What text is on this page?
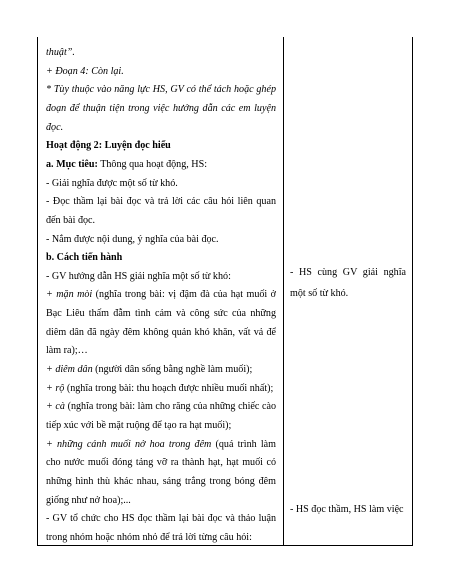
thuật”.
+ Đoạn 4: Còn lại.
* Tùy thuộc vào năng lực HS, GV có thể tách hoặc ghép
đoạn để thuận tiện trong việc hướng dẫn các em luyện
đọc.
Hoạt động 2: Luyện đọc hiểu
a. Mục tiêu: Thông qua hoạt động, HS:
- Giải nghĩa được một số từ khó.
- Đọc thầm lại bài đọc và trả lời các câu hỏi liên quan
đến bài đọc.
- Nắm được nội dung, ý nghĩa của bài đọc.
b. Cách tiến hành
- GV hướng dẫn HS giải nghĩa một số từ khó:
+ mặn mòi (nghĩa trong bài: vị đậm đà của hạt muối ở
Bạc Liêu thấm đẫm tình cảm và công sức của những
diêm dân đã ngày đêm không quản khó khăn, vất vả để
làm ra);…
+ diêm dân (người dân sống bằng nghề làm muối);
+ rộ (nghĩa trong bài: thu hoạch được nhiều muối nhất);
+ cà (nghĩa trong bài: làm cho răng của những chiếc cào
tiếp xúc với bề mặt ruộng để tạo ra hạt muối);
+ những cánh muối nở hoa trong đêm (quá trình làm
cho nước muối đóng tảng vỡ ra thành hạt, hạt muối có
những hình thù khác nhau, sáng trắng trong bóng đêm
giống như nở hoa);...
- GV tổ chức cho HS đọc thầm lại bài đọc và thảo luận
trong nhóm hoặc nhóm nhỏ để trả lời từng câu hỏi:
- HS cùng GV giải nghĩa
một số từ khó.
- HS đọc thầm, HS làm việc
